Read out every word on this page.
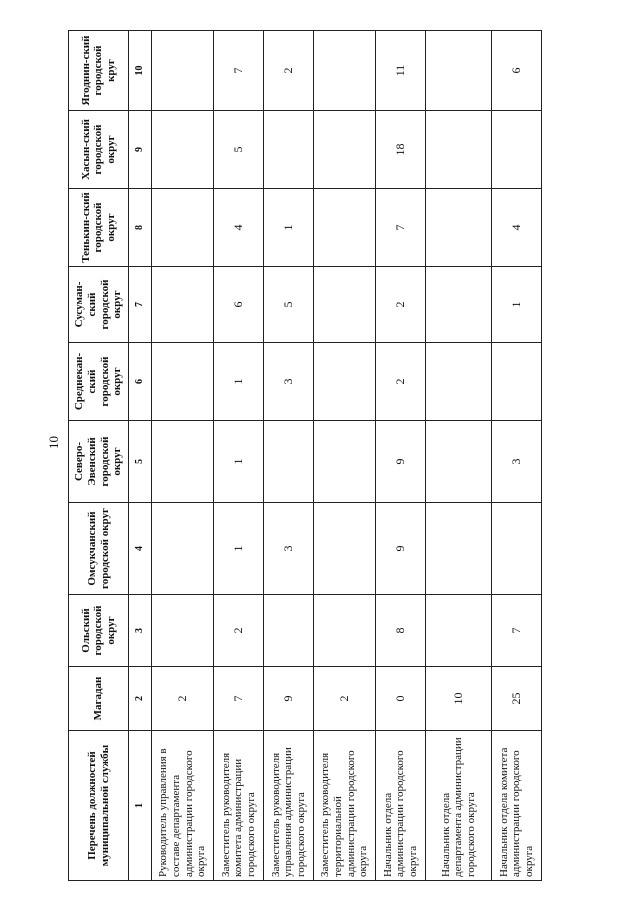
10
Перечень должностей муниципальной службы	Магадан	Ольский городской округ	Омсукчанский городской округ	Северо-Эвенский городской округ	Среднекан-ский городской округ	Сусуман-ский городской округ	Тенькин-ский городской округ	Хасын-ский городской округ	Ягоднин-ский городской круг
1	2	3	4	5	6	7	8	9	10
Руководитель управления в составе департамента администрации городского округа	2								
Заместитель руководителя комитета администрации городского округа	7	2	1	1	1	6	4	5	7
Заместитель руководителя управления администрации городского округа	9		3		3	5	1		2
Заместитель руководителя территориальной администрации городского округа	2								
Начальник отдела администрации городского округа	0	8	9	9	2	2	7	18	11
Начальник отдела департамента администрации городского округа	10								
Начальник отдела комитета администрации городского округа	25	7		3		1	4		6
